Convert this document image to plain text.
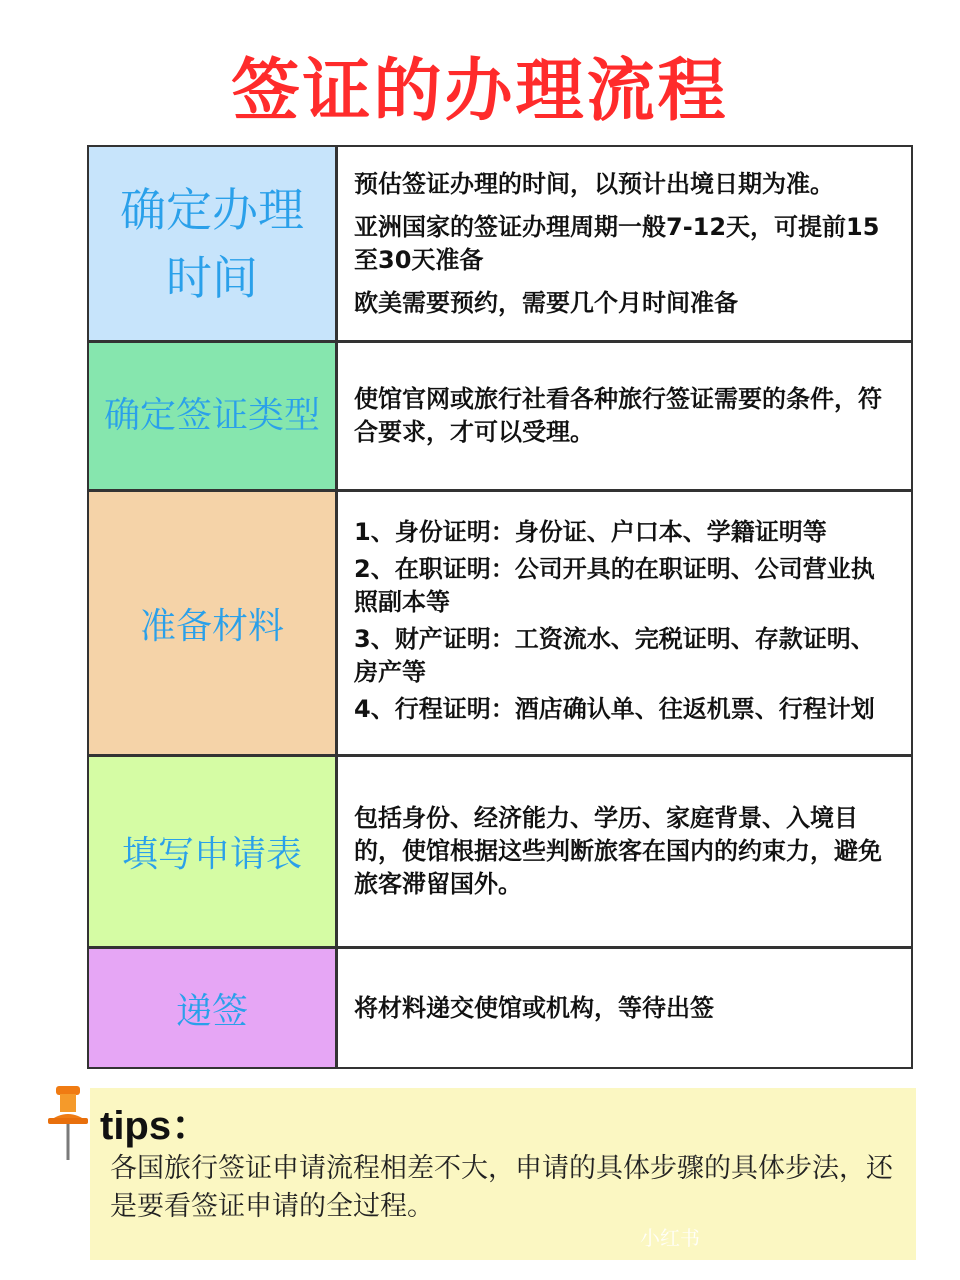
签证的办理流程
确定办理时间

预估签证办理的时间，以预计出境日期为准。

亚洲国家的签证办理周期一般7-12天，可提前15至30天准备

欧美需要预约，需要几个月时间准备

确定签证类型	使馆官网或旅行社看各种旅行签证需要的条件，符合要求，才可以受理。

准备材料

1、身份证明：身份证、户口本、学籍证明等

2、在职证明：公司开具的在职证明、公司营业执照副本等

3、财产证明：工资流水、完税证明、存款证明、房产等

4、行程证明：酒店确认单、往返机票、行程计划

填写申请表

包括身份、经济能力、学历、家庭背景、入境目的，使馆根据这些判断旅客在国内的约束力，避免旅客滞留国外。

递签	将材料递交使馆或机构，等待出签

tips：
各国旅行签证申请流程相差不大，申请的具体步骤的具体步法，还是要看签证申请的全过程。
小红书
